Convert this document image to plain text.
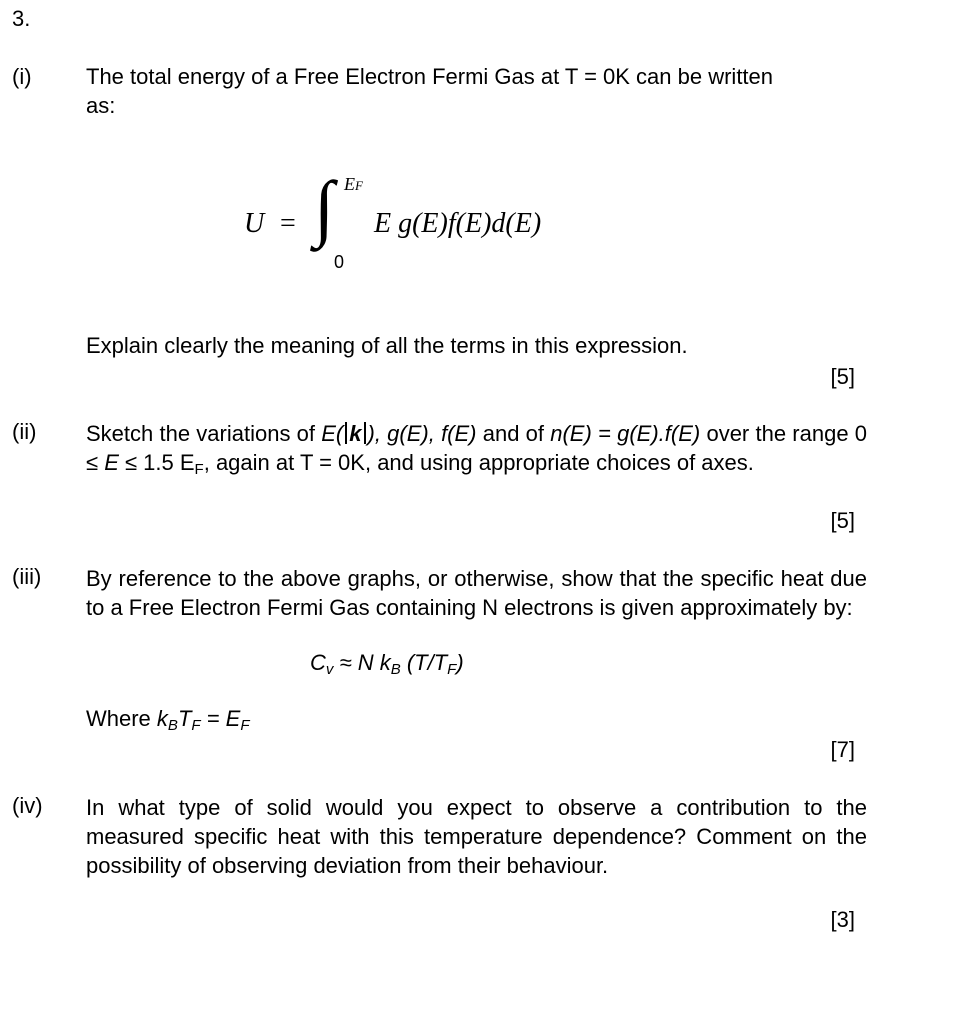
3.
(i) The total energy of a Free Electron Fermi Gas at T = 0K can be written
as:
U = ∫ EF
0
E g(E)f(E)d(E)
Explain clearly the meaning of all the terms in this expression.
[5]
(ii) Sketch the variations of E( k ), g(E), f(E) and of n(E) = g(E).f(E) over the range 0 ≤ E ≤ 1.5 $E_F$, again at T = 0K, and using appropriate choices of axes.
[5]
(iii) By reference to the above graphs, or otherwise, show that the specific heat due to a Free Electron Fermi Gas containing N electrons is given approximately by:
$C_v \approx N$ $k_B$ $(T/T_F)$
Where $k_BT_F = E_F$
[7]
(iv) In what type of solid would you expect to observe a contribution to the measured specific heat with this temperature dependence? Comment on the possibility of observing deviation from their behaviour.
[3]
